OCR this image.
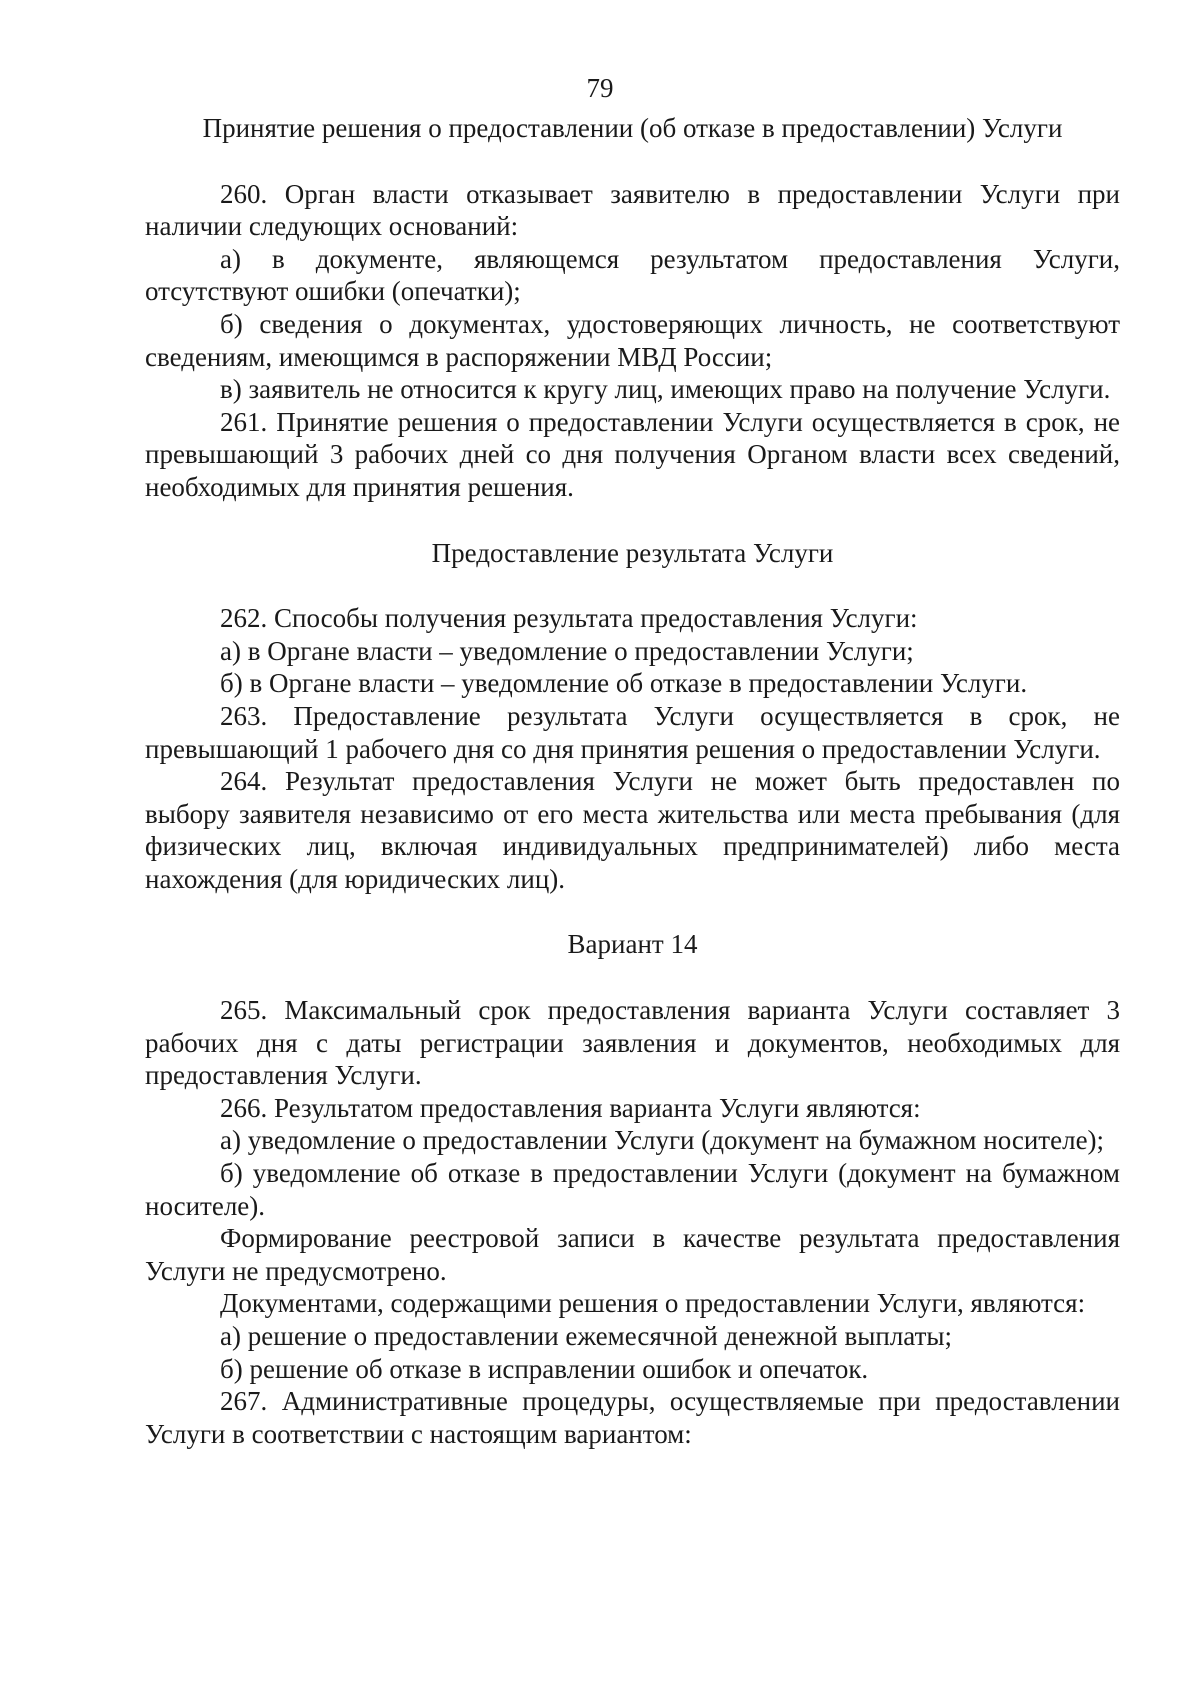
79
Принятие решения о предоставлении (об отказе в предоставлении) Услуги

260. Орган власти отказывает заявителю в предоставлении Услуги при наличии следующих оснований:

а) в документе, являющемся результатом предоставления Услуги, отсутствуют ошибки (опечатки);

б) сведения о документах, удостоверяющих личность, не соответствуют сведениям, имеющимся в распоряжении МВД России;

в) заявитель не относится к кругу лиц, имеющих право на получение Услуги.

261. Принятие решения о предоставлении Услуги осуществляется в срок, не превышающий 3 рабочих дней со дня получения Органом власти всех сведений, необходимых для принятия решения.

Предоставление результата Услуги

262. Способы получения результата предоставления Услуги:

а) в Органе власти – уведомление о предоставлении Услуги;

б) в Органе власти – уведомление об отказе в предоставлении Услуги.

263. Предоставление результата Услуги осуществляется в срок, не превышающий 1 рабочего дня со дня принятия решения о предоставлении Услуги.

264. Результат предоставления Услуги не может быть предоставлен по выбору заявителя независимо от его места жительства или места пребывания (для физических лиц, включая индивидуальных предпринимателей) либо места нахождения (для юридических лиц).

Вариант 14

265. Максимальный срок предоставления варианта Услуги составляет 3 рабочих дня с даты регистрации заявления и документов, необходимых для предоставления Услуги.

266. Результатом предоставления варианта Услуги являются:

а) уведомление о предоставлении Услуги (документ на бумажном носителе);

б) уведомление об отказе в предоставлении Услуги (документ на бумажном носителе).

Формирование реестровой записи в качестве результата предоставления Услуги не предусмотрено.

Документами, содержащими решения о предоставлении Услуги, являются:

а) решение о предоставлении ежемесячной денежной выплаты;

б) решение об отказе в исправлении ошибок и опечаток.

267. Административные процедуры, осуществляемые при предоставлении Услуги в соответствии с настоящим вариантом:
